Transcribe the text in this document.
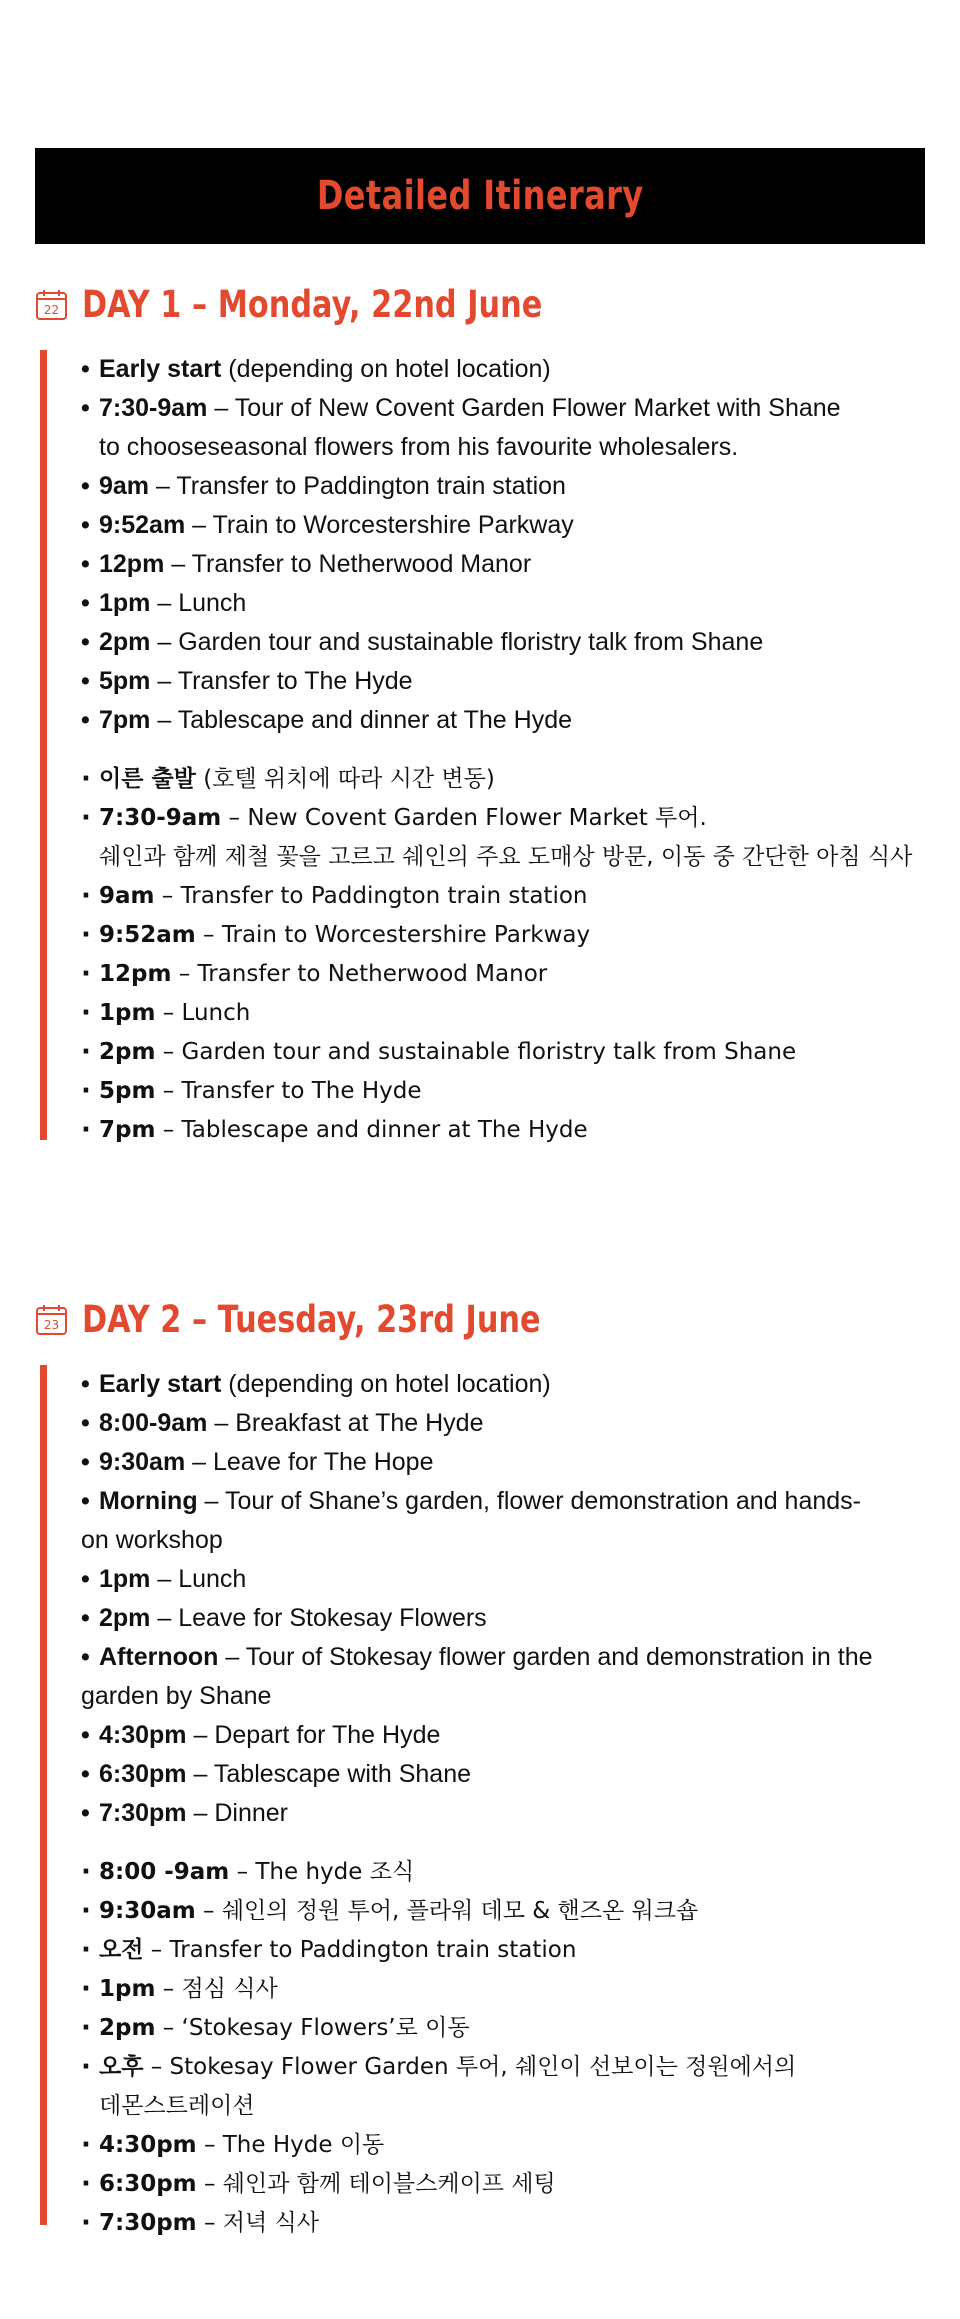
Detailed Itinerary
22 DAY 1 – Monday, 22nd June
• Early start (depending on hotel location)
• 7:30-9am – Tour of New Covent Garden Flower Market with Shane
to chooseseasonal flowers from his favourite wholesalers.
• 9am – Transfer to Paddington train station
• 9:52am – Train to Worcestershire Parkway
• 12pm – Transfer to Netherwood Manor
• 1pm – Lunch
• 2pm – Garden tour and sustainable floristry talk from Shane
• 5pm – Transfer to The Hyde
• 7pm – Tablescape and dinner at The Hyde
· 이른 출발 (호텔 위치에 따라 시간 변동)
· 7:30-9am – New Covent Garden Flower Market 투어.
쉐인과 함께 제철 꽃을 고르고 쉐인의 주요 도매상 방문, 이동 중 간단한 아침 식사
· 9am – Transfer to Paddington train station
· 9:52am – Train to Worcestershire Parkway
· 12pm – Transfer to Netherwood Manor
· 1pm – Lunch
· 2pm – Garden tour and sustainable floristry talk from Shane
· 5pm – Transfer to The Hyde
· 7pm – Tablescape and dinner at The Hyde
23 DAY 2 – Tuesday, 23rd June
• Early start (depending on hotel location)
• 8:00-9am – Breakfast at The Hyde
• 9:30am – Leave for The Hope
• Morning – Tour of Shane’s garden, flower demonstration and hands-
on workshop
• 1pm – Lunch
• 2pm – Leave for Stokesay Flowers
• Afternoon – Tour of Stokesay flower garden and demonstration in the
garden by Shane
• 4:30pm – Depart for The Hyde
• 6:30pm – Tablescape with Shane
• 7:30pm – Dinner
· 8:00 -9am – The hyde 조식
· 9:30am – 쉐인의 정원 투어, 플라워 데모 & 핸즈온 워크숍
· 오전 – Transfer to Paddington train station
· 1pm – 점심 식사
· 2pm – ‘Stokesay Flowers’로 이동
· 오후 – Stokesay Flower Garden 투어, 쉐인이 선보이는 정원에서의
데몬스트레이션
· 4:30pm – The Hyde 이동
· 6:30pm – 쉐인과 함께 테이블스케이프 세팅
· 7:30pm – 저녁 식사
